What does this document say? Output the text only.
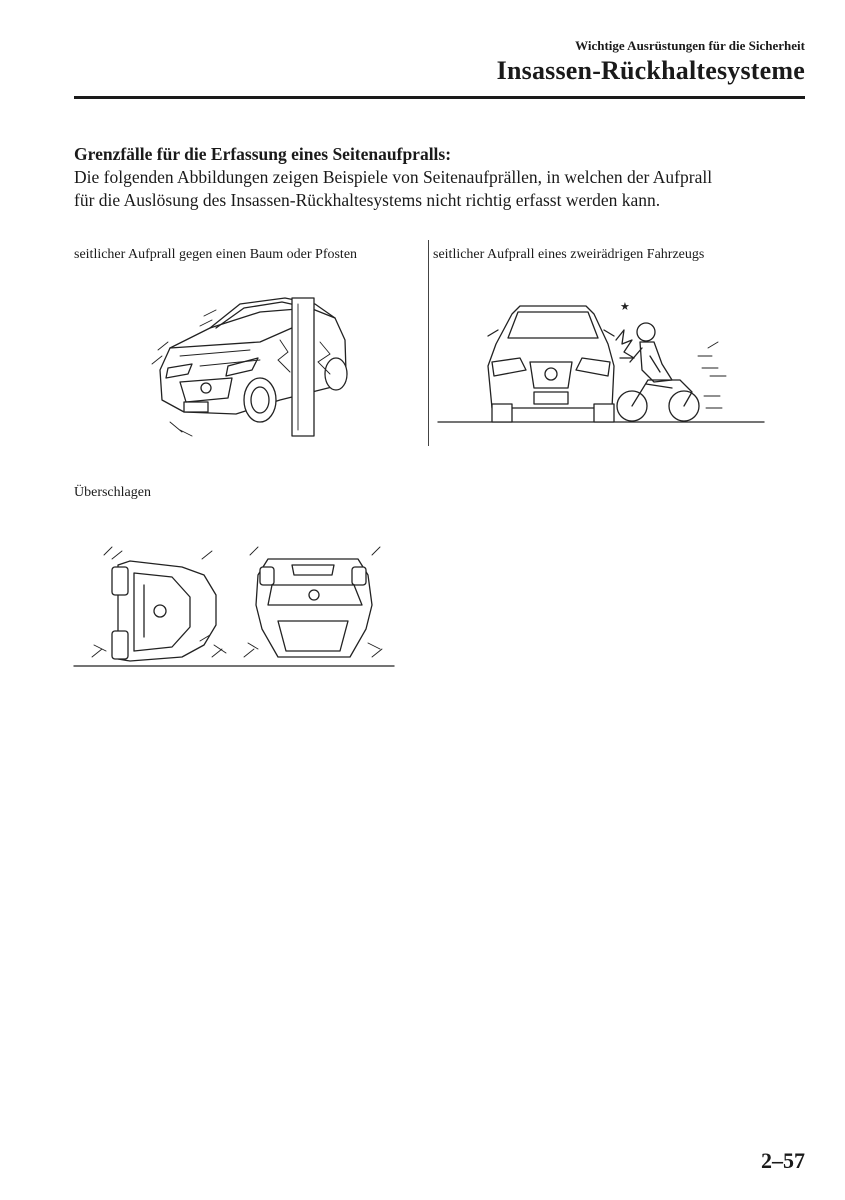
Wichtige Ausrüstungen für die Sicherheit
Insassen-Rückhaltesysteme
Grenzfälle für die Erfassung eines Seitenaufpralls:
Die folgenden Abbildungen zeigen Beispiele von Seitenaufprällen, in welchen der Aufprall
für die Auslösung des Insassen-Rückhaltesystems nicht richtig erfasst werden kann.
seitlicher Aufprall gegen einen Baum oder Pfosten	seitlicher Aufprall eines zweirädrigen Fahrzeugs
★
Überschlagen
2–57
